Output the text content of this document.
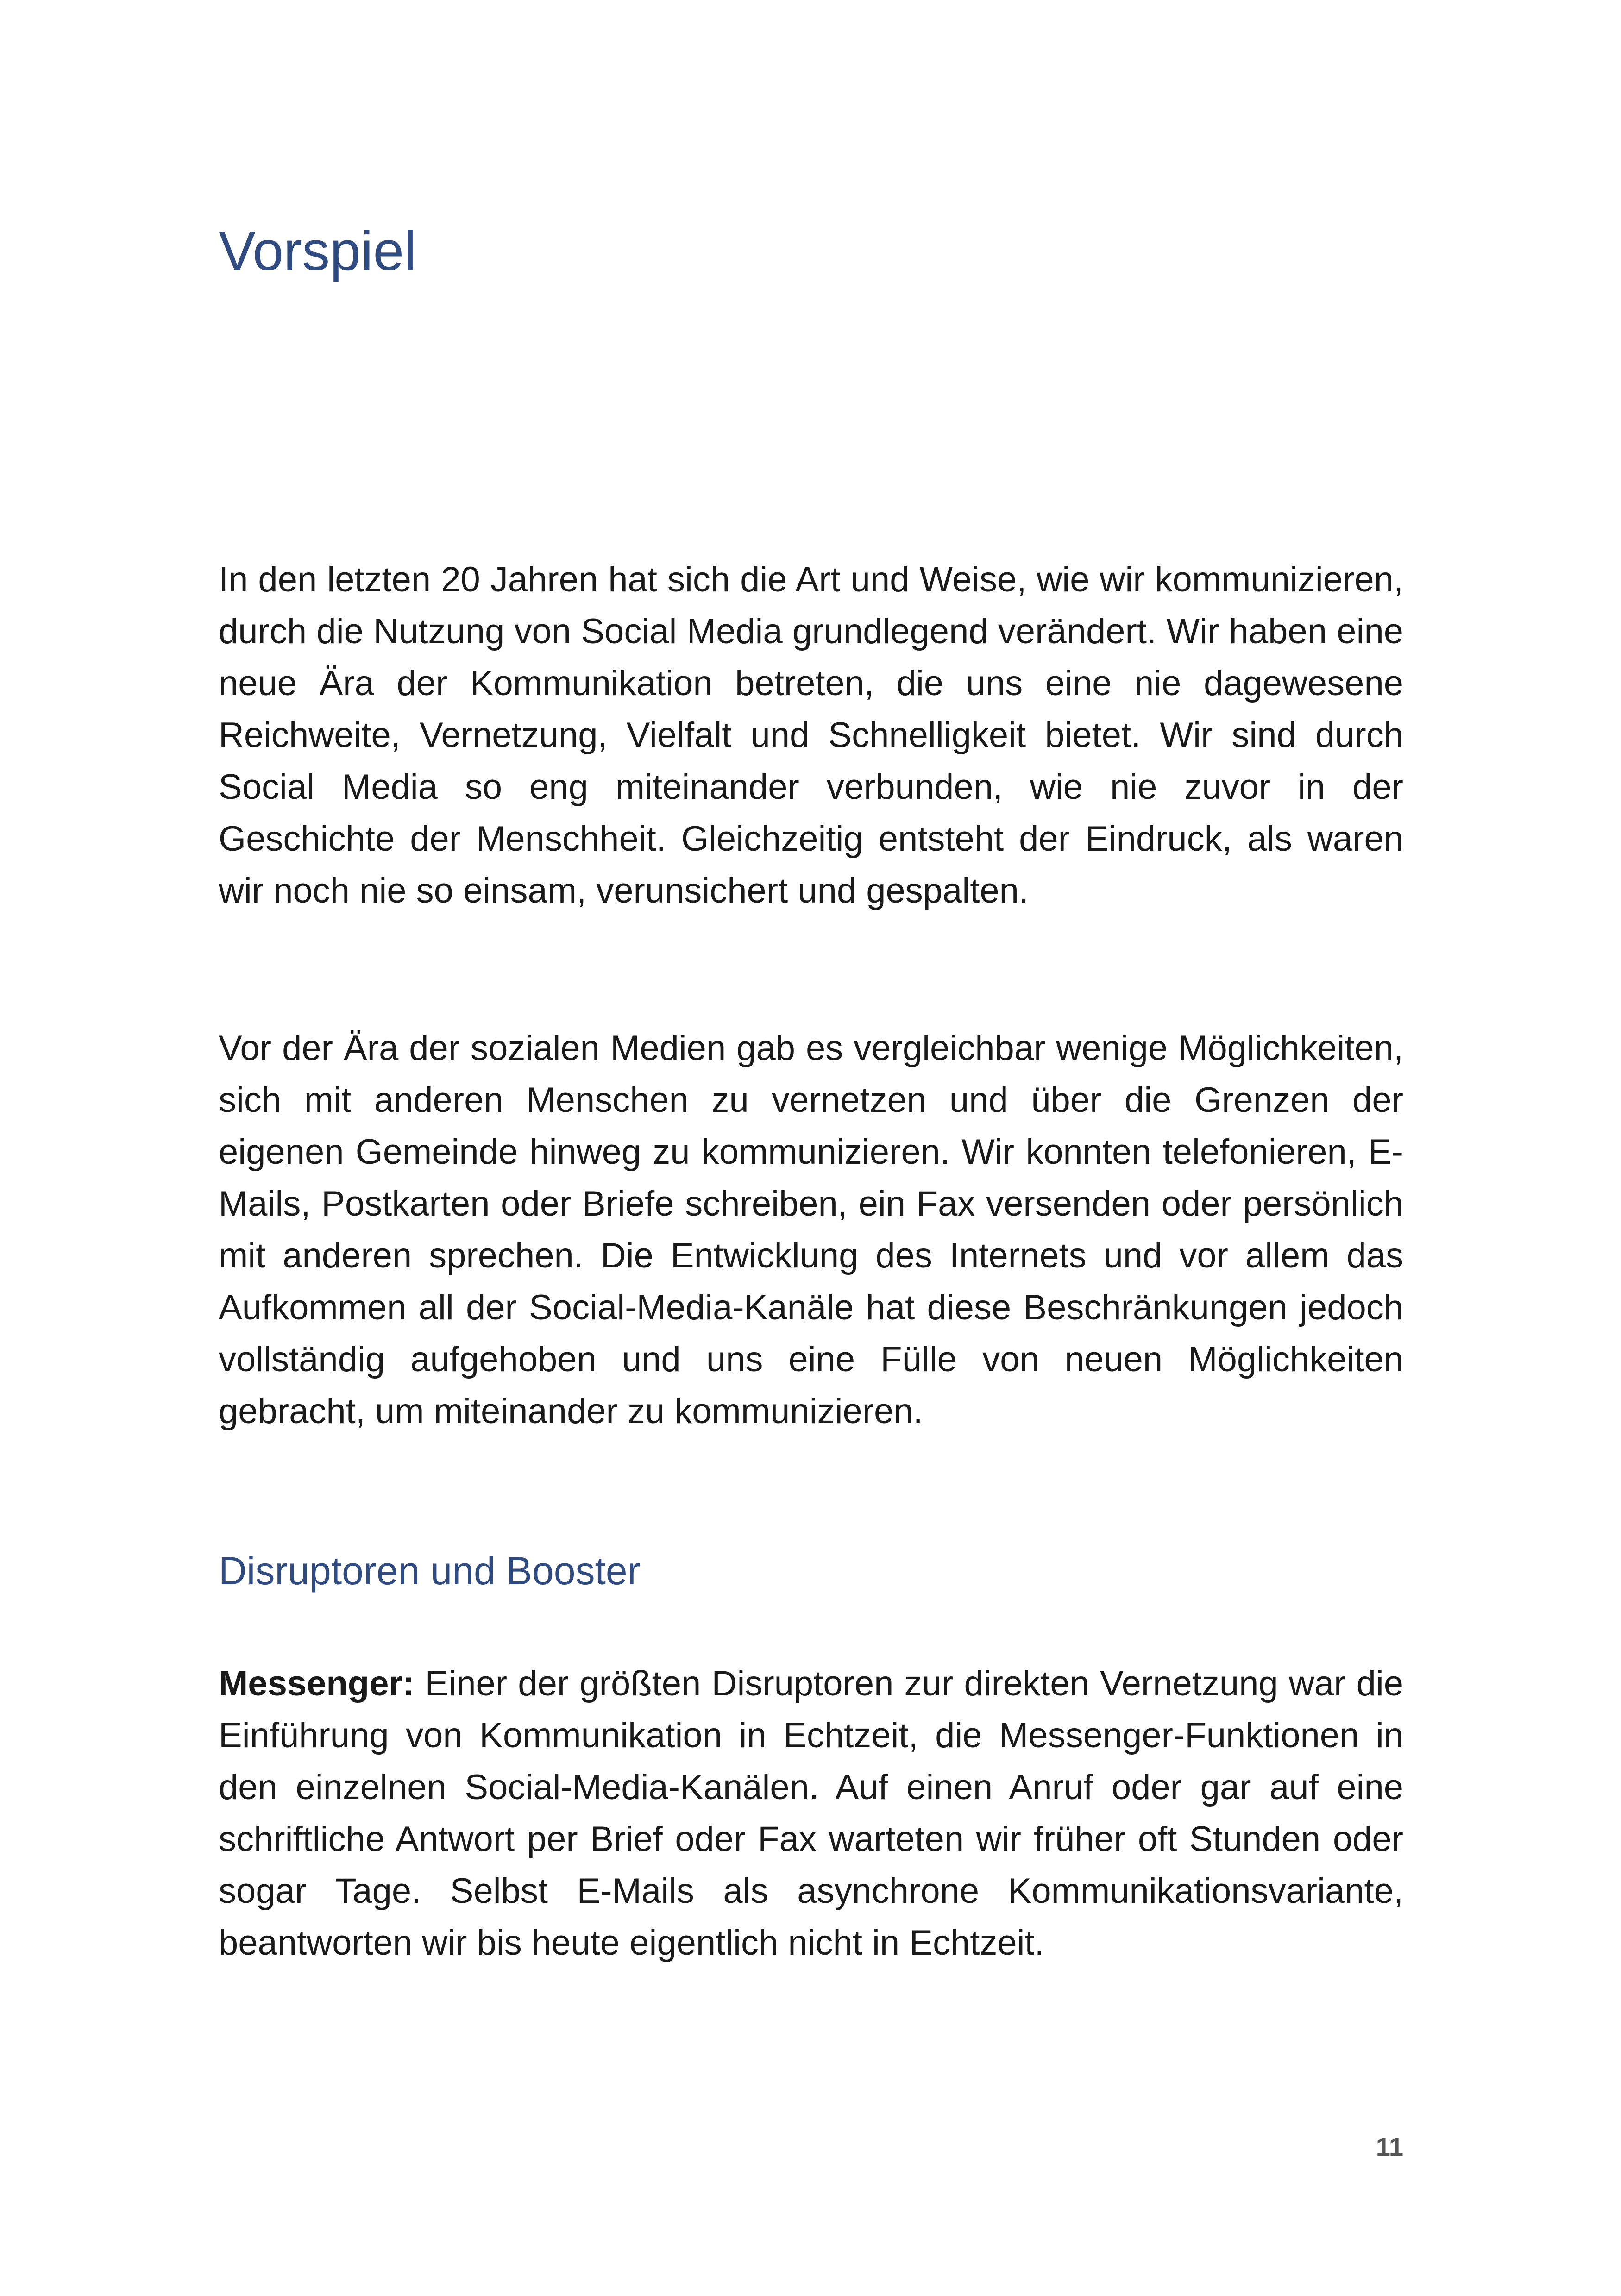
Vorspiel

In den letzten 20 Jahren hat sich die Art und Weise, wie wir kommunizieren, durch die Nutzung von Social Media grundlegend verändert. Wir haben eine neue Ära der Kommunikation betreten, die uns eine nie dagewesene Reichweite, Vernetzung, Vielfalt und Schnelligkeit bietet. Wir sind durch Social Media so eng miteinander verbunden, wie nie zuvor in der Geschichte der Menschheit. Gleichzeitig entsteht der Eindruck, als waren wir noch nie so einsam, verunsichert und gespalten.

Vor der Ära der sozialen Medien gab es vergleichbar wenige Möglichkeiten, sich mit anderen Menschen zu vernetzen und über die Grenzen der eigenen Gemeinde hinweg zu kommunizieren. Wir konnten telefonieren, E-Mails, Postkarten oder Briefe schreiben, ein Fax versenden oder persönlich mit anderen sprechen. Die Entwicklung des Internets und vor allem das Aufkommen all der Social-Media-Kanäle hat diese Beschränkungen jedoch vollständig aufgehoben und uns eine Fülle von neuen Möglichkeiten gebracht, um miteinander zu kommunizieren.

Disruptoren und Booster

Messenger: Einer der größten Disruptoren zur direkten Vernetzung war die Einführung von Kommunikation in Echtzeit, die Messenger-Funktionen in den einzelnen Social-Media-Kanälen. Auf einen Anruf oder gar auf eine schriftliche Antwort per Brief oder Fax warteten wir früher oft Stunden oder sogar Tage. Selbst E-Mails als asynchrone Kommunikationsvariante, beantworten wir bis heute eigentlich nicht in Echtzeit.

11
